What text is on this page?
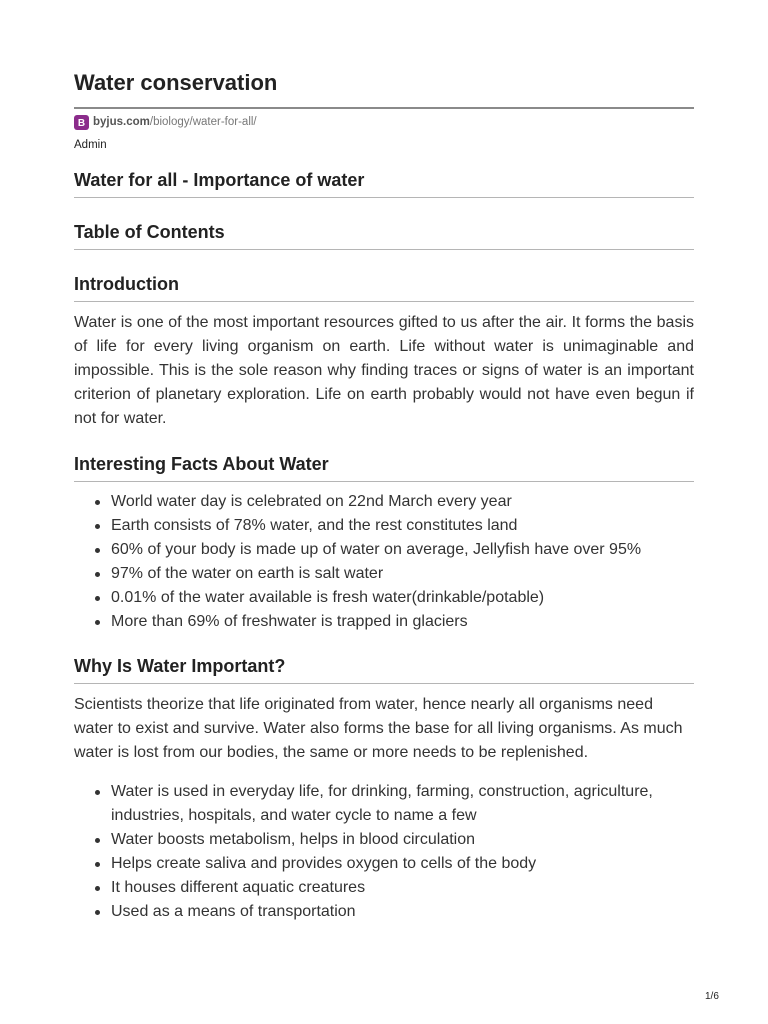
Water conservation
B byjus.com /biology/water-for-all/
Admin
Water for all - Importance of water
Table of Contents
Introduction

Water is one of the most important resources gifted to us after the air. It forms the basis of life for every living organism on earth. Life without water is unimaginable and impossible. This is the sole reason why finding traces or signs of water is an important criterion of planetary exploration. Life on earth probably would not have even begun if not for water.

Interesting Facts About Water
World water day is celebrated on 22nd March every year
Earth consists of 78% water, and the rest constitutes land
60% of your body is made up of water on average, Jellyfish have over 95%
97% of the water on earth is salt water
0.01% of the water available is fresh water(drinkable/potable)
More than 69% of freshwater is trapped in glaciers
Why Is Water Important?

Scientists theorize that life originated from water, hence nearly all organisms need water to exist and survive. Water also forms the base for all living organisms. As much water is lost from our bodies, the same or more needs to be replenished.

Water is used in everyday life, for drinking, farming, construction, agriculture, industries, hospitals, and water cycle to name a few
Water boosts metabolism, helps in blood circulation
Helps create saliva and provides oxygen to cells of the body
It houses different aquatic creatures
Used as a means of transportation
1/6
